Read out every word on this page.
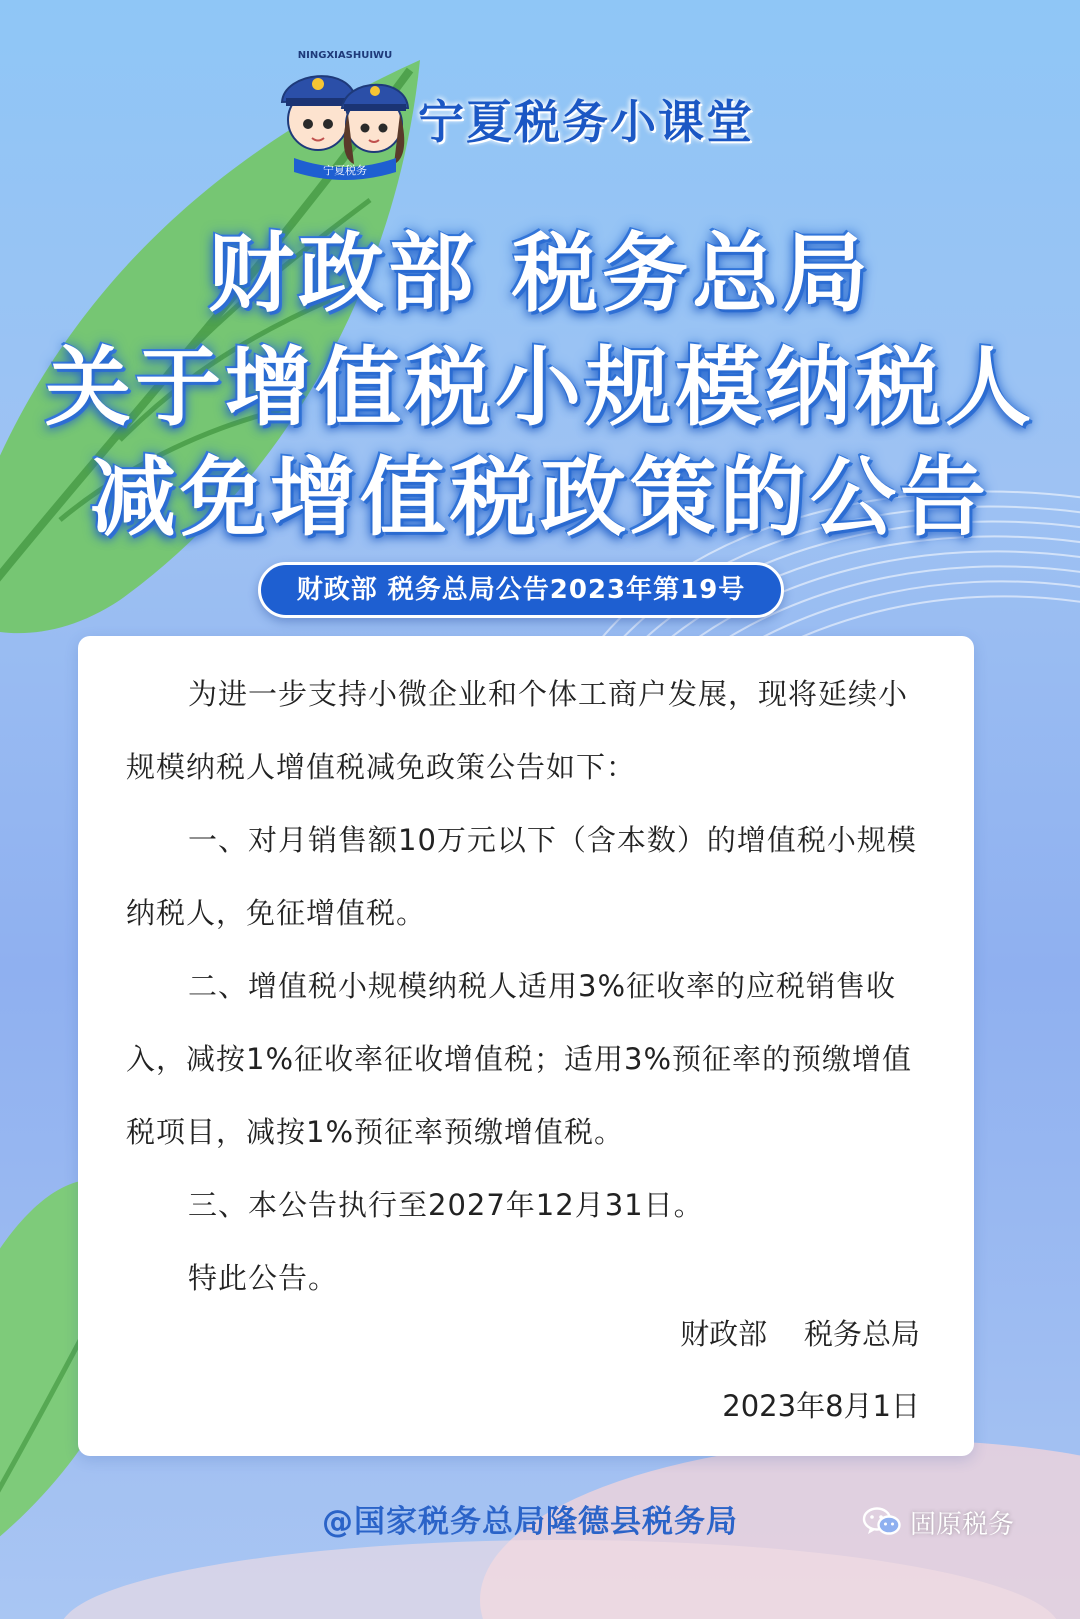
宁夏税务
NINGXIASHUIWU
宁夏税务小课堂
财政部 税务总局
关于增值税小规模纳税人
减免增值税政策的公告
财政部 税务总局公告2023年第19号

为进一步支持小微企业和个体工商户发展，现将延续小规模纳税人增值税减免政策公告如下：

一、对月销售额10万元以下（含本数）的增值税小规模纳税人，免征增值税。

二、增值税小规模纳税人适用3%征收率的应税销售收入，减按1%征收率征收增值税；适用3%预征率的预缴增值税项目，减按1%预征率预缴增值税。

三、本公告执行至2027年12月31日。

特此公告。

财政部    税务总局
2023年8月1日
@国家税务总局隆德县税务局	固原税务
